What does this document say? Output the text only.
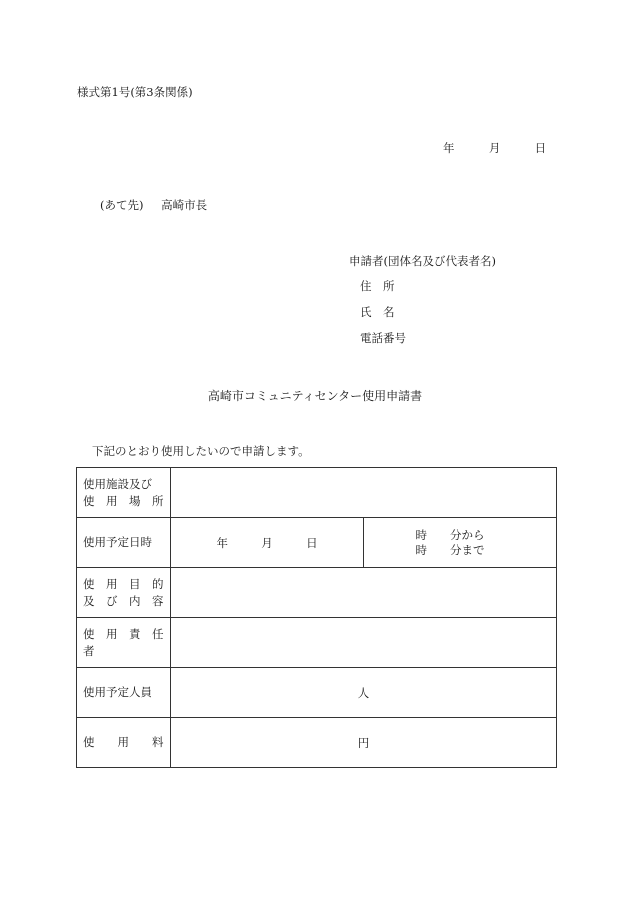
様式第1号(第3条関係)
年	月	日
(あて先) 高崎市長
申請者(団体名及び代表者名)
住　所
氏　名
電話番号
高崎市コミュニティセンター使用申請書
下記のとおり使用したいので申請します。
使用施設及び
使　用　場　所		

使用予定日時	年 月 日	時　　分から
時　　分まで

使　用　目　的
及　び　内　容		

使　用　責　任　者		
使用予定人員	人	
使　　用　　料	円	
